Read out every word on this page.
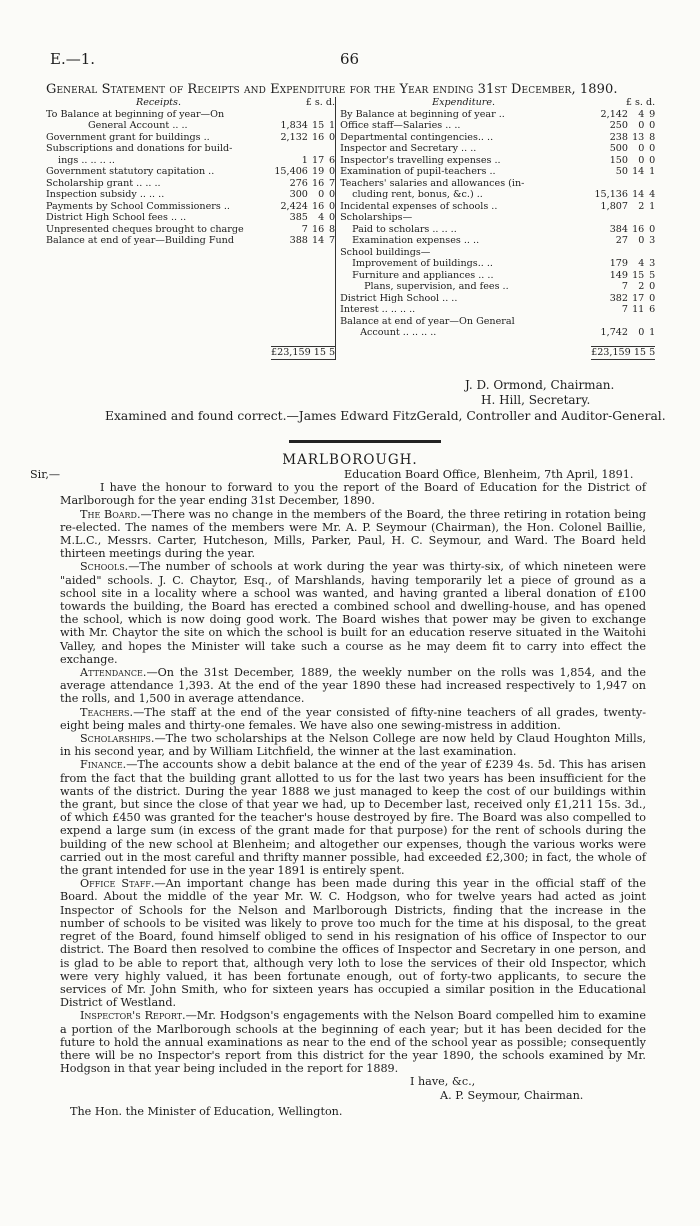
E.—1.	66
General Statement of Receipts and Expenditure for the Year ending 31st December, 1890.
Receipts.	£ s. d.			Expenditure.	£ s. d.		
To Balance at beginning of year—On				By Balance at beginning of year ..	2,142	4	9
General Account .. ..	1,834	15	1	Office staff—Salaries .. ..	250	0	0
Government grant for buildings ..	2,132	16	0	Departmental contingencies.. ..	238	13	8
Subscriptions and donations for build-				Inspector and Secretary .. ..	500	0	0
ings .. .. .. ..	1	17	6	Inspector's travelling expenses ..	150	0	0
Government statutory capitation ..	15,406	19	0	Examination of pupil-teachers ..	50	14	1
Scholarship grant .. .. ..	276	16	7	Teachers' salaries and allowances (in-			
Inspection subsidy .. .. ..	300	0	0	cluding rent, bonus, &c.) ..	15,136	14	4
Payments by School Commissioners ..	2,424	16	0	Incidental expenses of schools ..	1,807	2	1
District High School fees .. ..	385	4	0	Scholarships—			
Unpresented cheques brought to charge	7	16	8	Paid to scholars .. .. ..	384	16	0
Balance at end of year—Building Fund	388	14	7	Examination expenses .. ..	27	0	3
				School buildings—			
				Improvement of buildings.. ..	179	4	3
				Furniture and appliances .. ..	149	15	5
				Plans, supervision, and fees ..	7	2	0
				District High School .. ..	382	17	0
				Interest .. .. .. ..	7	11	6
				Balance at end of year—On General			
				Account .. .. .. ..	1,742	0	1

	£23,159 15 5				£23,159 15 5		
J. D. Ormond, Chairman.
H. Hill, Secretary.
Examined and found correct.—James Edward FitzGerald, Controller and Auditor-General.
MARLBOROUGH.
Sir,—	Education Board Office, Blenheim, 7th April, 1891.

I have the honour to forward to you the report of the Board of Education for the District of Marlborough for the year ending 31st December, 1890.

The Board.—There was no change in the members of the Board, the three retiring in rotation being re-elected. The names of the members were Mr. A. P. Seymour (Chairman), the Hon. Colonel Baillie, M.L.C., Messrs. Carter, Hutcheson, Mills, Parker, Paul, H. C. Seymour, and Ward. The Board held thirteen meetings during the year.

Schools.—The number of schools at work during the year was thirty-six, of which nineteen were "aided" schools. J. C. Chaytor, Esq., of Marshlands, having temporarily let a piece of ground as a school site in a locality where a school was wanted, and having granted a liberal donation of £100 towards the building, the Board has erected a combined school and dwelling-house, and has opened the school, which is now doing good work. The Board wishes that power may be given to exchange with Mr. Chaytor the site on which the school is built for an education reserve situated in the Waitohi Valley, and hopes the Minister will take such a course as he may deem fit to carry into effect the exchange.

Attendance.—On the 31st December, 1889, the weekly number on the rolls was 1,854, and the average attendance 1,393. At the end of the year 1890 these had increased respectively to 1,947 on the rolls, and 1,500 in average attendance.

Teachers.—The staff at the end of the year consisted of fifty-nine teachers of all grades, twenty-eight being males and thirty-one females. We have also one sewing-mistress in addition.

Scholarships.—The two scholarships at the Nelson College are now held by Claud Houghton Mills, in his second year, and by William Litchfield, the winner at the last examination.

Finance.—The accounts show a debit balance at the end of the year of £239 4s. 5d. This has arisen from the fact that the building grant allotted to us for the last two years has been insufficient for the wants of the district. During the year 1888 we just managed to keep the cost of our buildings within the grant, but since the close of that year we had, up to December last, received only £1,211 15s. 3d., of which £450 was granted for the teacher's house destroyed by fire. The Board was also compelled to expend a large sum (in excess of the grant made for that purpose) for the rent of schools during the building of the new school at Blenheim; and altogether our expenses, though the various works were carried out in the most careful and thrifty manner possible, had exceeded £2,300; in fact, the whole of the grant intended for use in the year 1891 is entirely spent.

Office Staff.—An important change has been made during this year in the official staff of the Board. About the middle of the year Mr. W. C. Hodgson, who for twelve years had acted as joint Inspector of Schools for the Nelson and Marlborough Districts, finding that the increase in the number of schools to be visited was likely to prove too much for the time at his disposal, to the great regret of the Board, found himself obliged to send in his resignation of his office of Inspector to our district. The Board then resolved to combine the offices of Inspector and Secretary in one person, and is glad to be able to report that, although very loth to lose the services of their old Inspector, which were very highly valued, it has been fortunate enough, out of forty-two applicants, to secure the services of Mr. John Smith, who for sixteen years has occupied a similar position in the Educational District of Westland.

Inspector's Report.—Mr. Hodgson's engagements with the Nelson Board compelled him to examine a portion of the Marlborough schools at the beginning of each year; but it has been decided for the future to hold the annual examinations as near to the end of the school year as possible; consequently there will be no Inspector's report from this district for the year 1890, the schools examined by Mr. Hodgson in that year being included in the report for 1889.

I have, &c.,
A. P. Seymour, Chairman.
The Hon. the Minister of Education, Wellington.
